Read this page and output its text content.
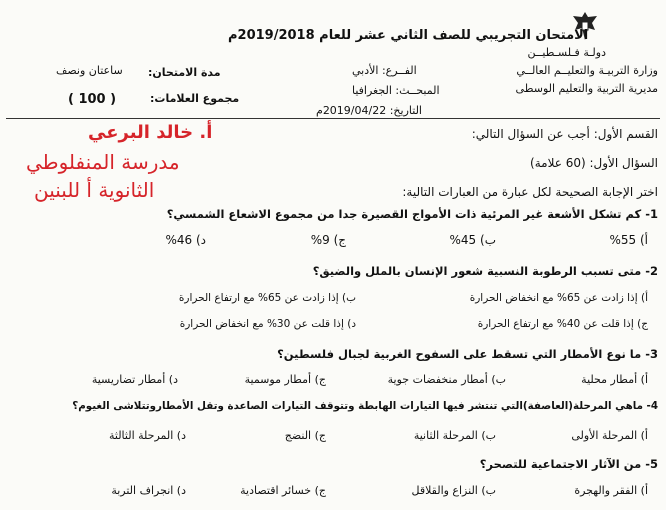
الامتحان التجريبي للصف الثاني عشر للعام 2019/2018م
دولـة فـلسـطيــن
وزارة التربيـة والتعليــم العالــي
مديرية التربية والتعليم الوسطى
الفــرع: الأدبي
المبحــث: الجغرافيا
التاريخ: 2019/04/22م
مدة الامتحان:
ساعتان ونصف
مجموع العلامات:
( 100 )
أ. خالد البرعي
مدرسة المنفلوطي
الثانوية أ للبنين
القسم الأول: أجب عن السؤال التالي:
السؤال الأول: (60 علامة)
اختر الإجابة الصحيحة لكل عبارة من العبارات التالية:
1- كم تشكل الأشعة غير المرئية ذات الأمواج القصيرة جدا من مجموع الاشعاع الشمسي؟
أ) 55%
ب) 45%
ج) 9%
د) 46%
2- متى تسبب الرطوبة النسبية شعور الإنسان بالملل والضيق؟
أ) إذا زادت عن 65% مع انخفاض الحرارة
ب) إذا زادت عن 65% مع ارتفاع الحرارة
ج) إذا قلت عن 40% مع ارتفاع الحرارة
د) إذا قلت عن 30% مع انخفاض الحرارة
3- ما نوع الأمطار التي تسقط على السفوح الغربية لجبال فلسطين؟
أ) أمطار محلية
ب) أمطار منخفضات جوية
ج) أمطار موسمية
د) أمطار تضاريسية
4- ماهي المرحلة(العاصفة)التي تنتشر فيها التيارات الهابطة وتتوقف التيارات الصاعدة وتقل الأمطاروتتلاشى الغيوم؟
أ) المرحلة الأولى
ب) المرحلة الثانية
ج) النضج
د) المرحلة الثالثة
5- من الآثار الاجتماعية للتصحر؟
أ) الفقر والهجرة
ب) النزاع والقلاقل
ج) خسائر اقتصادية
د) انجراف التربة
